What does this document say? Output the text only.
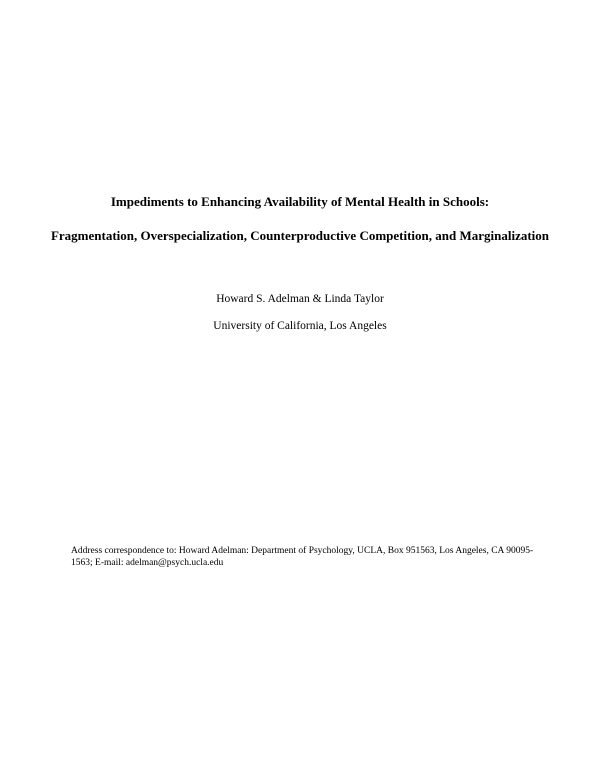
Impediments to Enhancing Availability of Mental Health in Schools:
Fragmentation, Overspecialization, Counterproductive Competition, and Marginalization

Howard S. Adelman & Linda Taylor

University of California, Los Angeles

Address correspondence to: Howard Adelman: Department of Psychology, UCLA, Box 951563, Los Angeles, CA 90095-1563; E-mail: adelman@psych.ucla.edu
